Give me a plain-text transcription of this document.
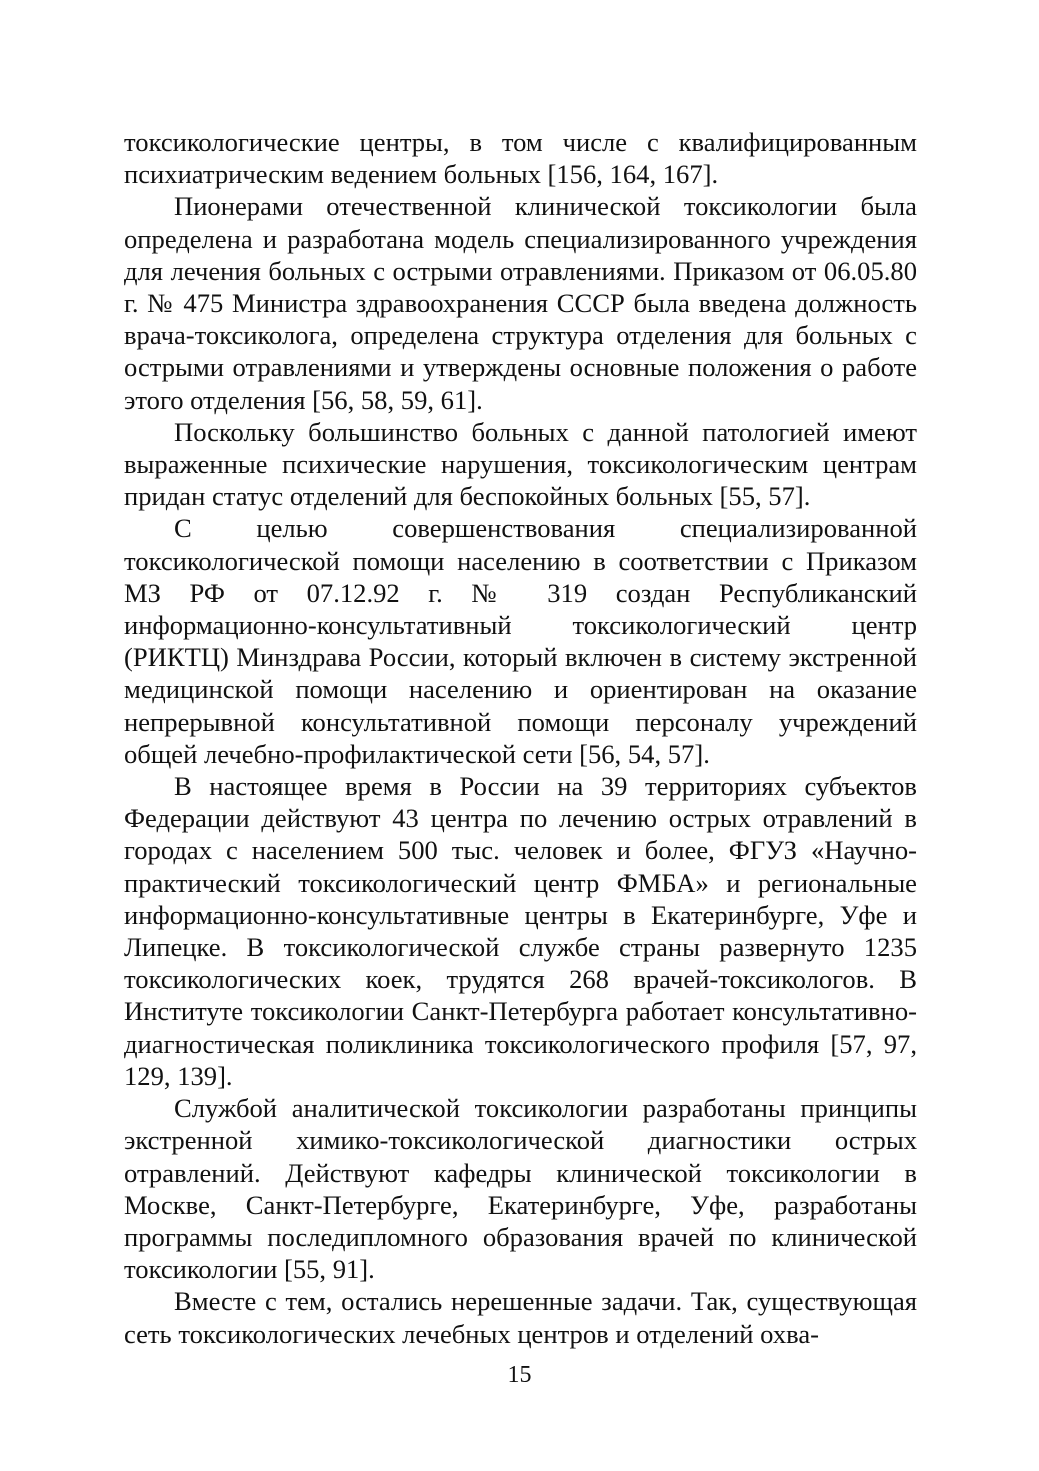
токсикологические центры, в том числе с квалифицированным психиатрическим ведением больных [156, 164, 167].

Пионерами отечественной клинической токсикологии была определена и разработана модель специализированного учреждения для лечения больных с острыми отравлениями. Приказом от 06.05.80 г. № 475 Министра здравоохранения СССР была введена должность врача-токсиколога, определена структура отделения для больных с острыми отравлениями и утверждены основные положения о работе этого отделения [56, 58, 59, 61].

Поскольку большинство больных с данной патологией имеют выраженные психические нарушения, токсикологическим центрам придан статус отделений для беспокойных больных [55, 57].

С целью совершенствования специализированной токсикологической помощи населению в соответствии с Приказом МЗ РФ от 07.12.92 г. № 319 создан Республиканский информационно-консультативный токсикологический центр (РИКТЦ) Минздрава России, который включен в систему экстренной медицинской помощи населению и ориентирован на оказание непрерывной консультативной помощи персоналу учреждений общей лечебно-профилактической сети [56, 54, 57].

В настоящее время в России на 39 территориях субъектов Федерации действуют 43 центра по лечению острых отравлений в городах с населением 500 тыс. человек и более, ФГУЗ «Научно-практический токсикологический центр ФМБА» и региональные информационно-консультативные центры в Екатеринбурге, Уфе и Липецке. В токсикологической службе страны развернуто 1235 токсикологических коек, трудятся 268 врачей-токсикологов. В Институте токсикологии Санкт-Петербурга работает консультативно-диагностическая поликлиника токсикологического профиля [57, 97, 129, 139].

Службой аналитической токсикологии разработаны принципы экстренной химико-токсикологической диагностики острых отравлений. Действуют кафедры клинической токсикологии в Москве, Санкт-Петербурге, Екатеринбурге, Уфе, разработаны программы последипломного образования врачей по клинической токсикологии [55, 91].

Вместе с тем, остались нерешенные задачи. Так, существующая сеть токсикологических лечебных центров и отделений охва-

15
